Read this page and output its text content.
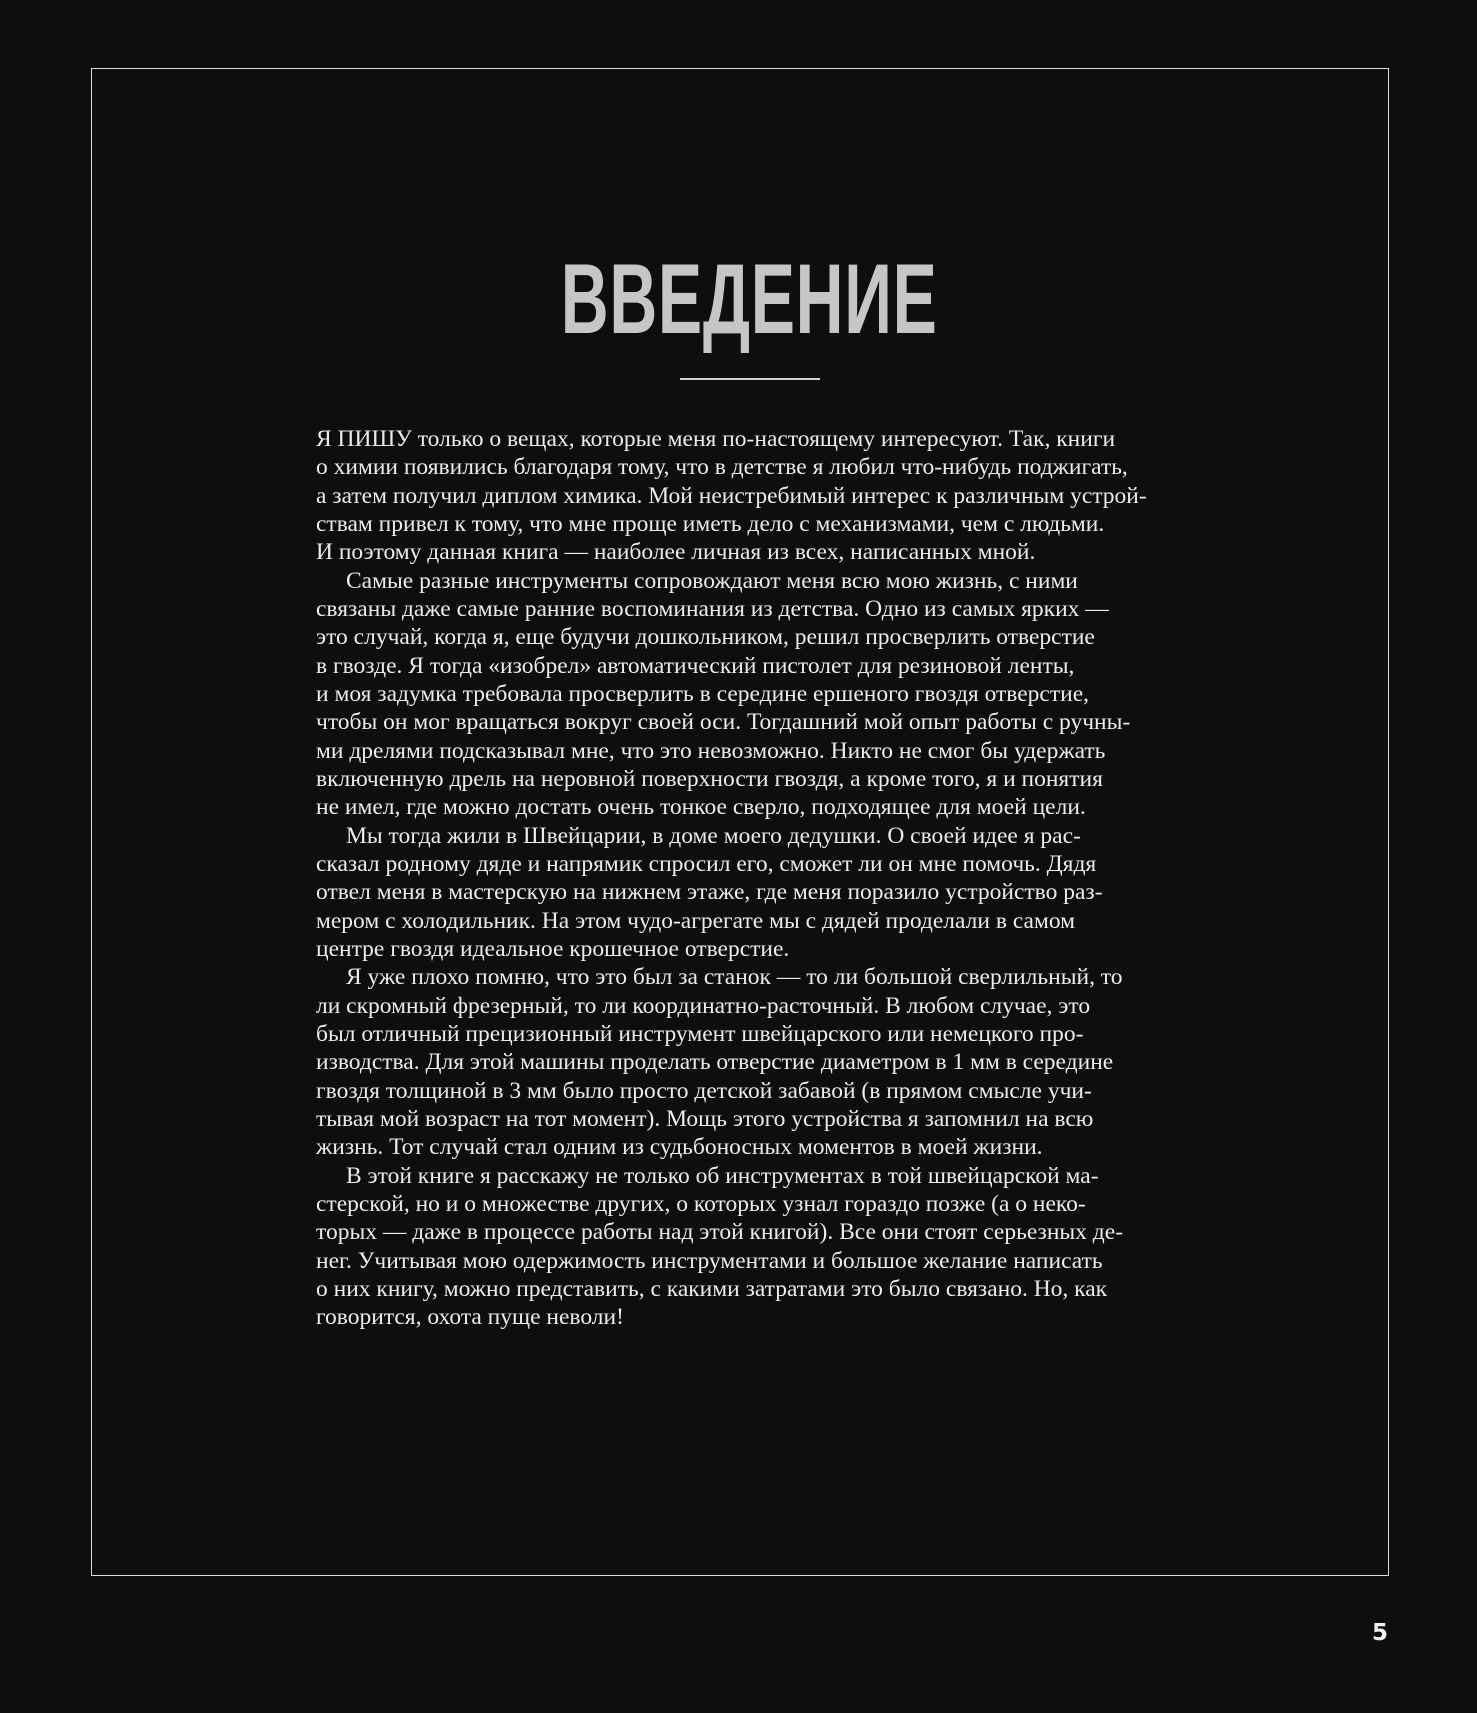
ВВЕДЕНИЕ
Я ПИШУ только о вещах, которые меня по-настоящему интересуют. Так, книги
о химии появились благодаря тому, что в детстве я любил что-нибудь поджигать,
а затем получил диплом химика. Мой неистребимый интерес к различным устрой-
ствам привел к тому, что мне проще иметь дело с механизмами, чем с людьми.
И поэтому данная книга — наиболее личная из всех, написанных мной.
Самые разные инструменты сопровождают меня всю мою жизнь, с ними
связаны даже самые ранние воспоминания из детства. Одно из самых ярких —
это случай, когда я, еще будучи дошкольником, решил просверлить отверстие
в гвозде. Я тогда «изобрел» автоматический пистолет для резиновой ленты,
и моя задумка требовала просверлить в середине ершеного гвоздя отверстие,
чтобы он мог вращаться вокруг своей оси. Тогдашний мой опыт работы с ручны-
ми дрелями подсказывал мне, что это невозможно. Никто не смог бы удержать
включенную дрель на неровной поверхности гвоздя, а кроме того, я и понятия
не имел, где можно достать очень тонкое сверло, подходящее для моей цели.
Мы тогда жили в Швейцарии, в доме моего дедушки. О своей идее я рас-
сказал родному дяде и напрямик спросил его, сможет ли он мне помочь. Дядя
отвел меня в мастерскую на нижнем этаже, где меня поразило устройство раз-
мером с холодильник. На этом чудо-агрегате мы с дядей проделали в самом
центре гвоздя идеальное крошечное отверстие.
Я уже плохо помню, что это был за станок — то ли большой сверлильный, то
ли скромный фрезерный, то ли координатно-расточный. В любом случае, это
был отличный прецизионный инструмент швейцарского или немецкого про-
изводства. Для этой машины проделать отверстие диаметром в 1 мм в середине
гвоздя толщиной в 3 мм было просто детской забавой (в прямом смысле учи-
тывая мой возраст на тот момент). Мощь этого устройства я запомнил на всю
жизнь. Тот случай стал одним из судьбоносных моментов в моей жизни.
В этой книге я расскажу не только об инструментах в той швейцарской ма-
стерской, но и о множестве других, о которых узнал гораздо позже (а о неко-
торых — даже в процессе работы над этой книгой). Все они стоят серьезных де-
нег. Учитывая мою одержимость инструментами и большое желание написать
о них книгу, можно представить, с какими затратами это было связано. Но, как
говорится, охота пуще неволи!
5
